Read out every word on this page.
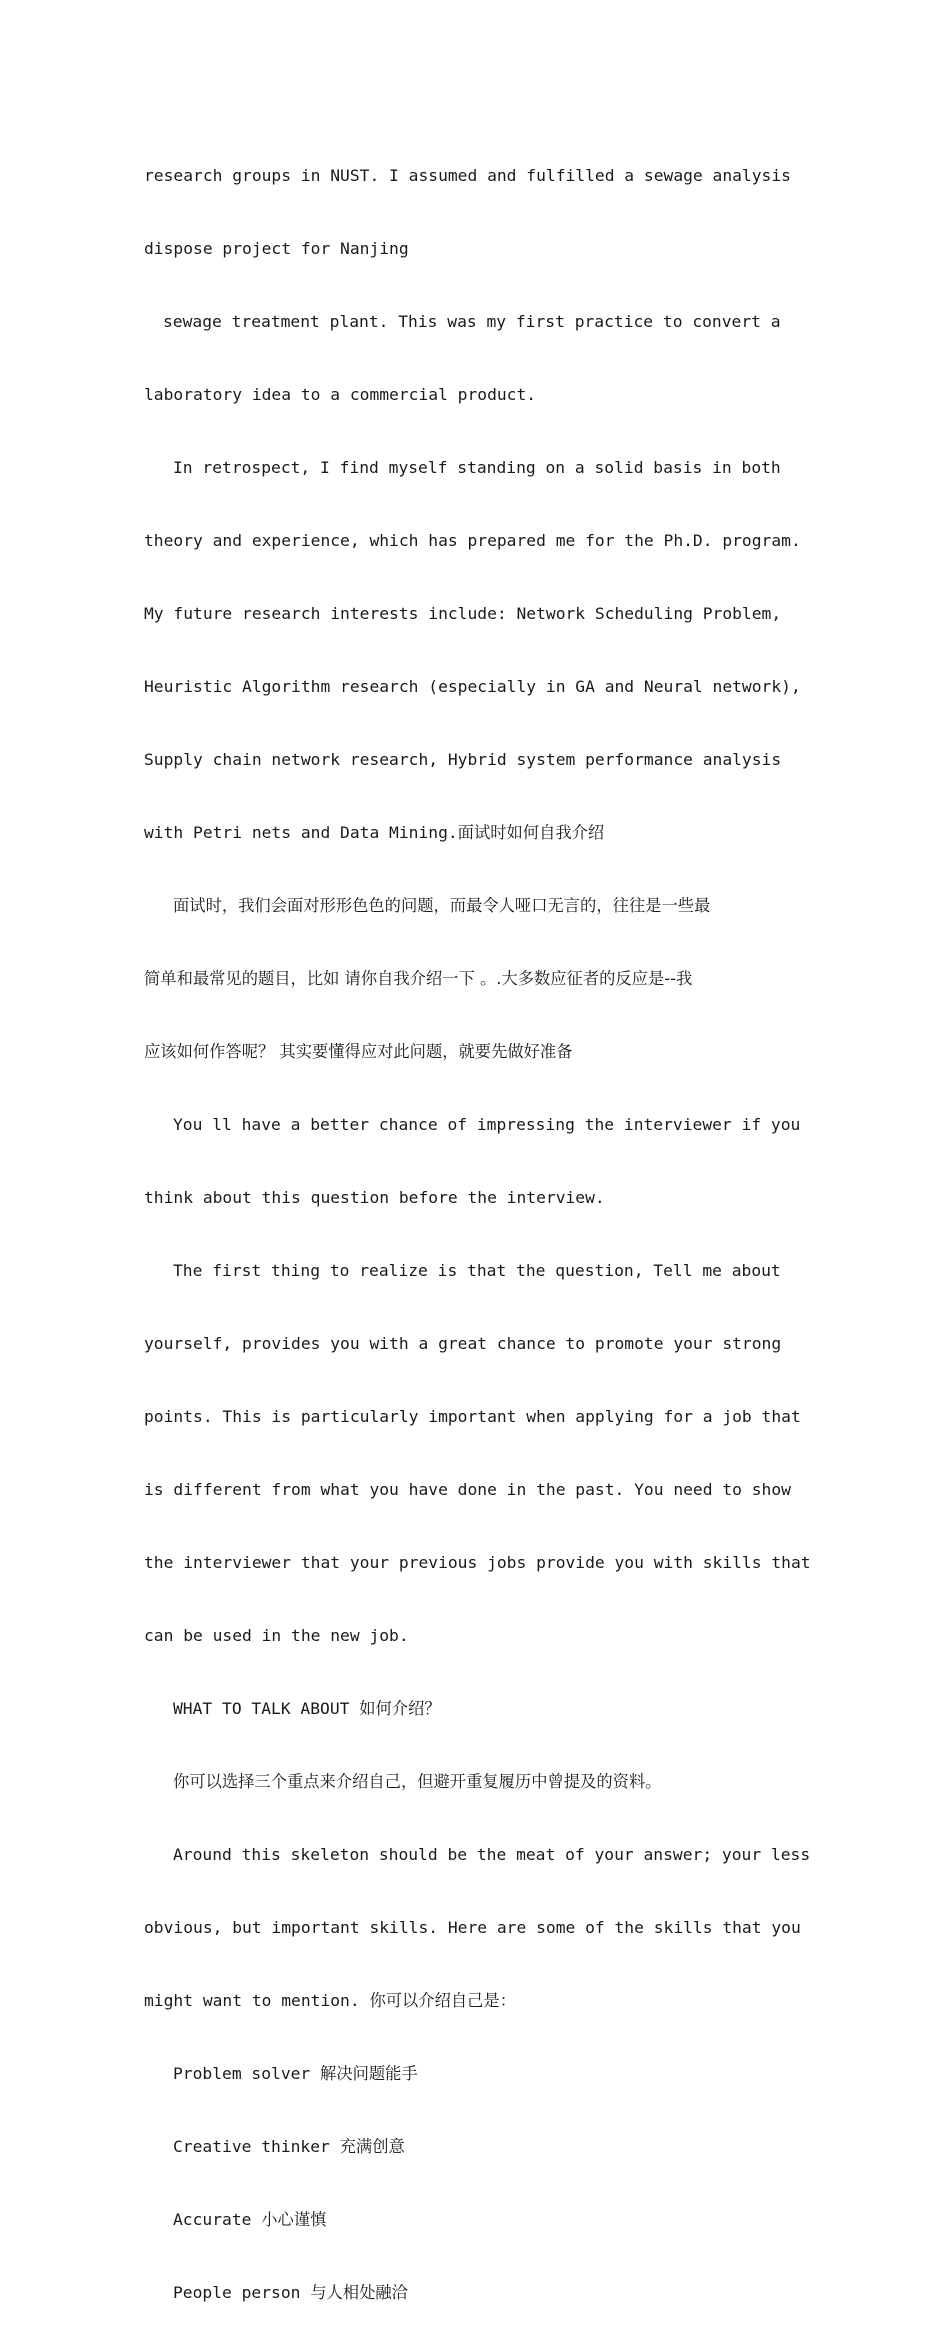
research groups in NUST. I assumed and fulfilled a sewage analysis

dispose project for Nanjing

sewage treatment plant. This was my first practice to convert a

laboratory idea to a commercial product.

In retrospect, I find myself standing on a solid basis in both

theory and experience, which has prepared me for the Ph.D. program.

My future research interests include: Network Scheduling Problem,

Heuristic Algorithm research (especially in GA and Neural network),

Supply chain network research, Hybrid system performance analysis

with Petri nets and Data Mining.面试时如何自我介绍

面试时，我们会面对形形色色的问题，而最令人哑口无言的，往往是一些最

简单和最常见的题目，比如 请你自我介绍一下 。.大多数应征者的反应是--我

应该如何作答呢？ 其实要懂得应对此问题，就要先做好准备

You ll have a better chance of impressing the interviewer if you

think about this question before the interview.

The first thing to realize is that the question, Tell me about

yourself, provides you with a great chance to promote your strong

points. This is particularly important when applying for a job that

is different from what you have done in the past. You need to show

the interviewer that your previous jobs provide you with skills that

can be used in the new job.

WHAT TO TALK ABOUT 如何介绍？

你可以选择三个重点来介绍自己，但避开重复履历中曾提及的资料。

Around this skeleton should be the meat of your answer; your less

obvious, but important skills. Here are some of the skills that you

might want to mention. 你可以介绍自己是：

Problem solver 解决问题能手

Creative thinker 充满创意

Accurate 小心谨慎

People person 与人相处融洽
